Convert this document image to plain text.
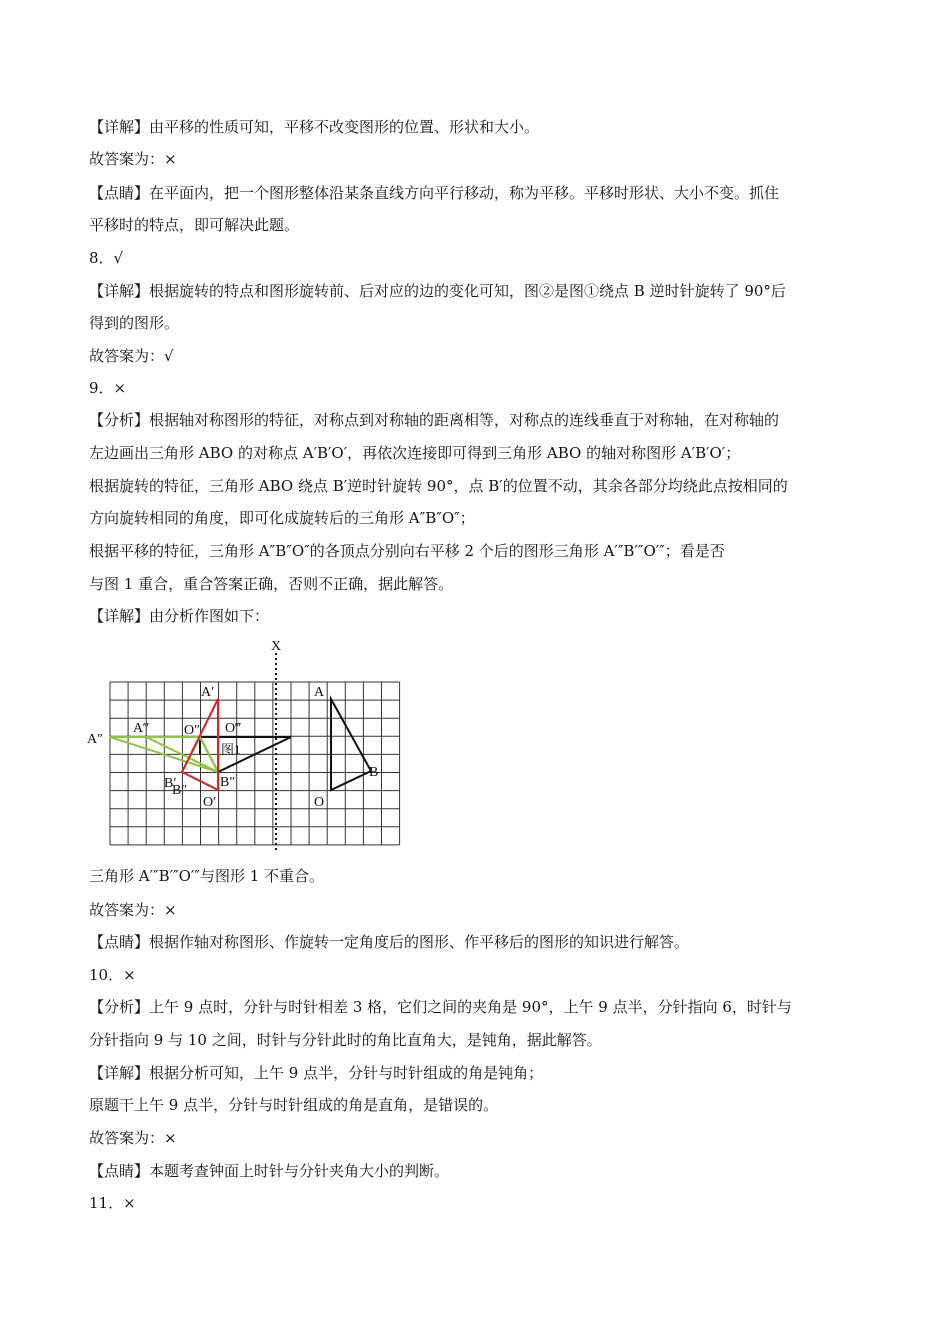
【详解】由平移的性质可知，平移不改变图形的位置、形状和大小。
故答案为：×
【点睛】在平面内，把一个图形整体沿某条直线方向平行移动，称为平移。平移时形状、大小不变。抓住
平移时的特点，即可解决此题。
8．√
【详解】根据旋转的特点和图形旋转前、后对应的边的变化可知，图②是图①绕点 B 逆时针旋转了 90°后
得到的图形。
故答案为：√
9．×
【分析】根据轴对称图形的特征，对称点到对称轴的距离相等，对称点的连线垂直于对称轴，在对称轴的
左边画出三角形 ABO 的对称点 A′B′O′，再依次连接即可得到三角形 ABO 的轴对称图形 A′B′O′；
根据旋转的特征，三角形 ABO 绕点 B′逆时针旋转 90°，点 B′的位置不动，其余各部分均绕此点按相同的
方向旋转相同的角度，即可化成旋转后的三角形 A″B″O″；
根据平移的特征，三角形 A″B″O″的各顶点分别向右平移 2 个后的图形三角形 A′″B′″O′″；看是否
与图 1 重合，重合答案正确，否则不正确，据此解答。
【详解】由分析作图如下：
X
A
B
O
A′
O′
B′
A″
O″
B″
B″
A‴	O‴
图1
三角形 A′″B′″O′″与图形 1 不重合。
故答案为：×
【点睛】根据作轴对称图形、作旋转一定角度后的图形、作平移后的图形的知识进行解答。
10．×
【分析】上午 9 点时，分针与时针相差 3 格，它们之间的夹角是 90°，上午 9 点半，分针指向 6，时针与
分针指向 9 与 10 之间，时针与分针此时的角比直角大，是钝角，据此解答。
【详解】根据分析可知，上午 9 点半，分针与时针组成的角是钝角；
原题干上午 9 点半，分针与时针组成的角是直角，是错误的。
故答案为：×
【点睛】本题考查钟面上时针与分针夹角大小的判断。
11．×
